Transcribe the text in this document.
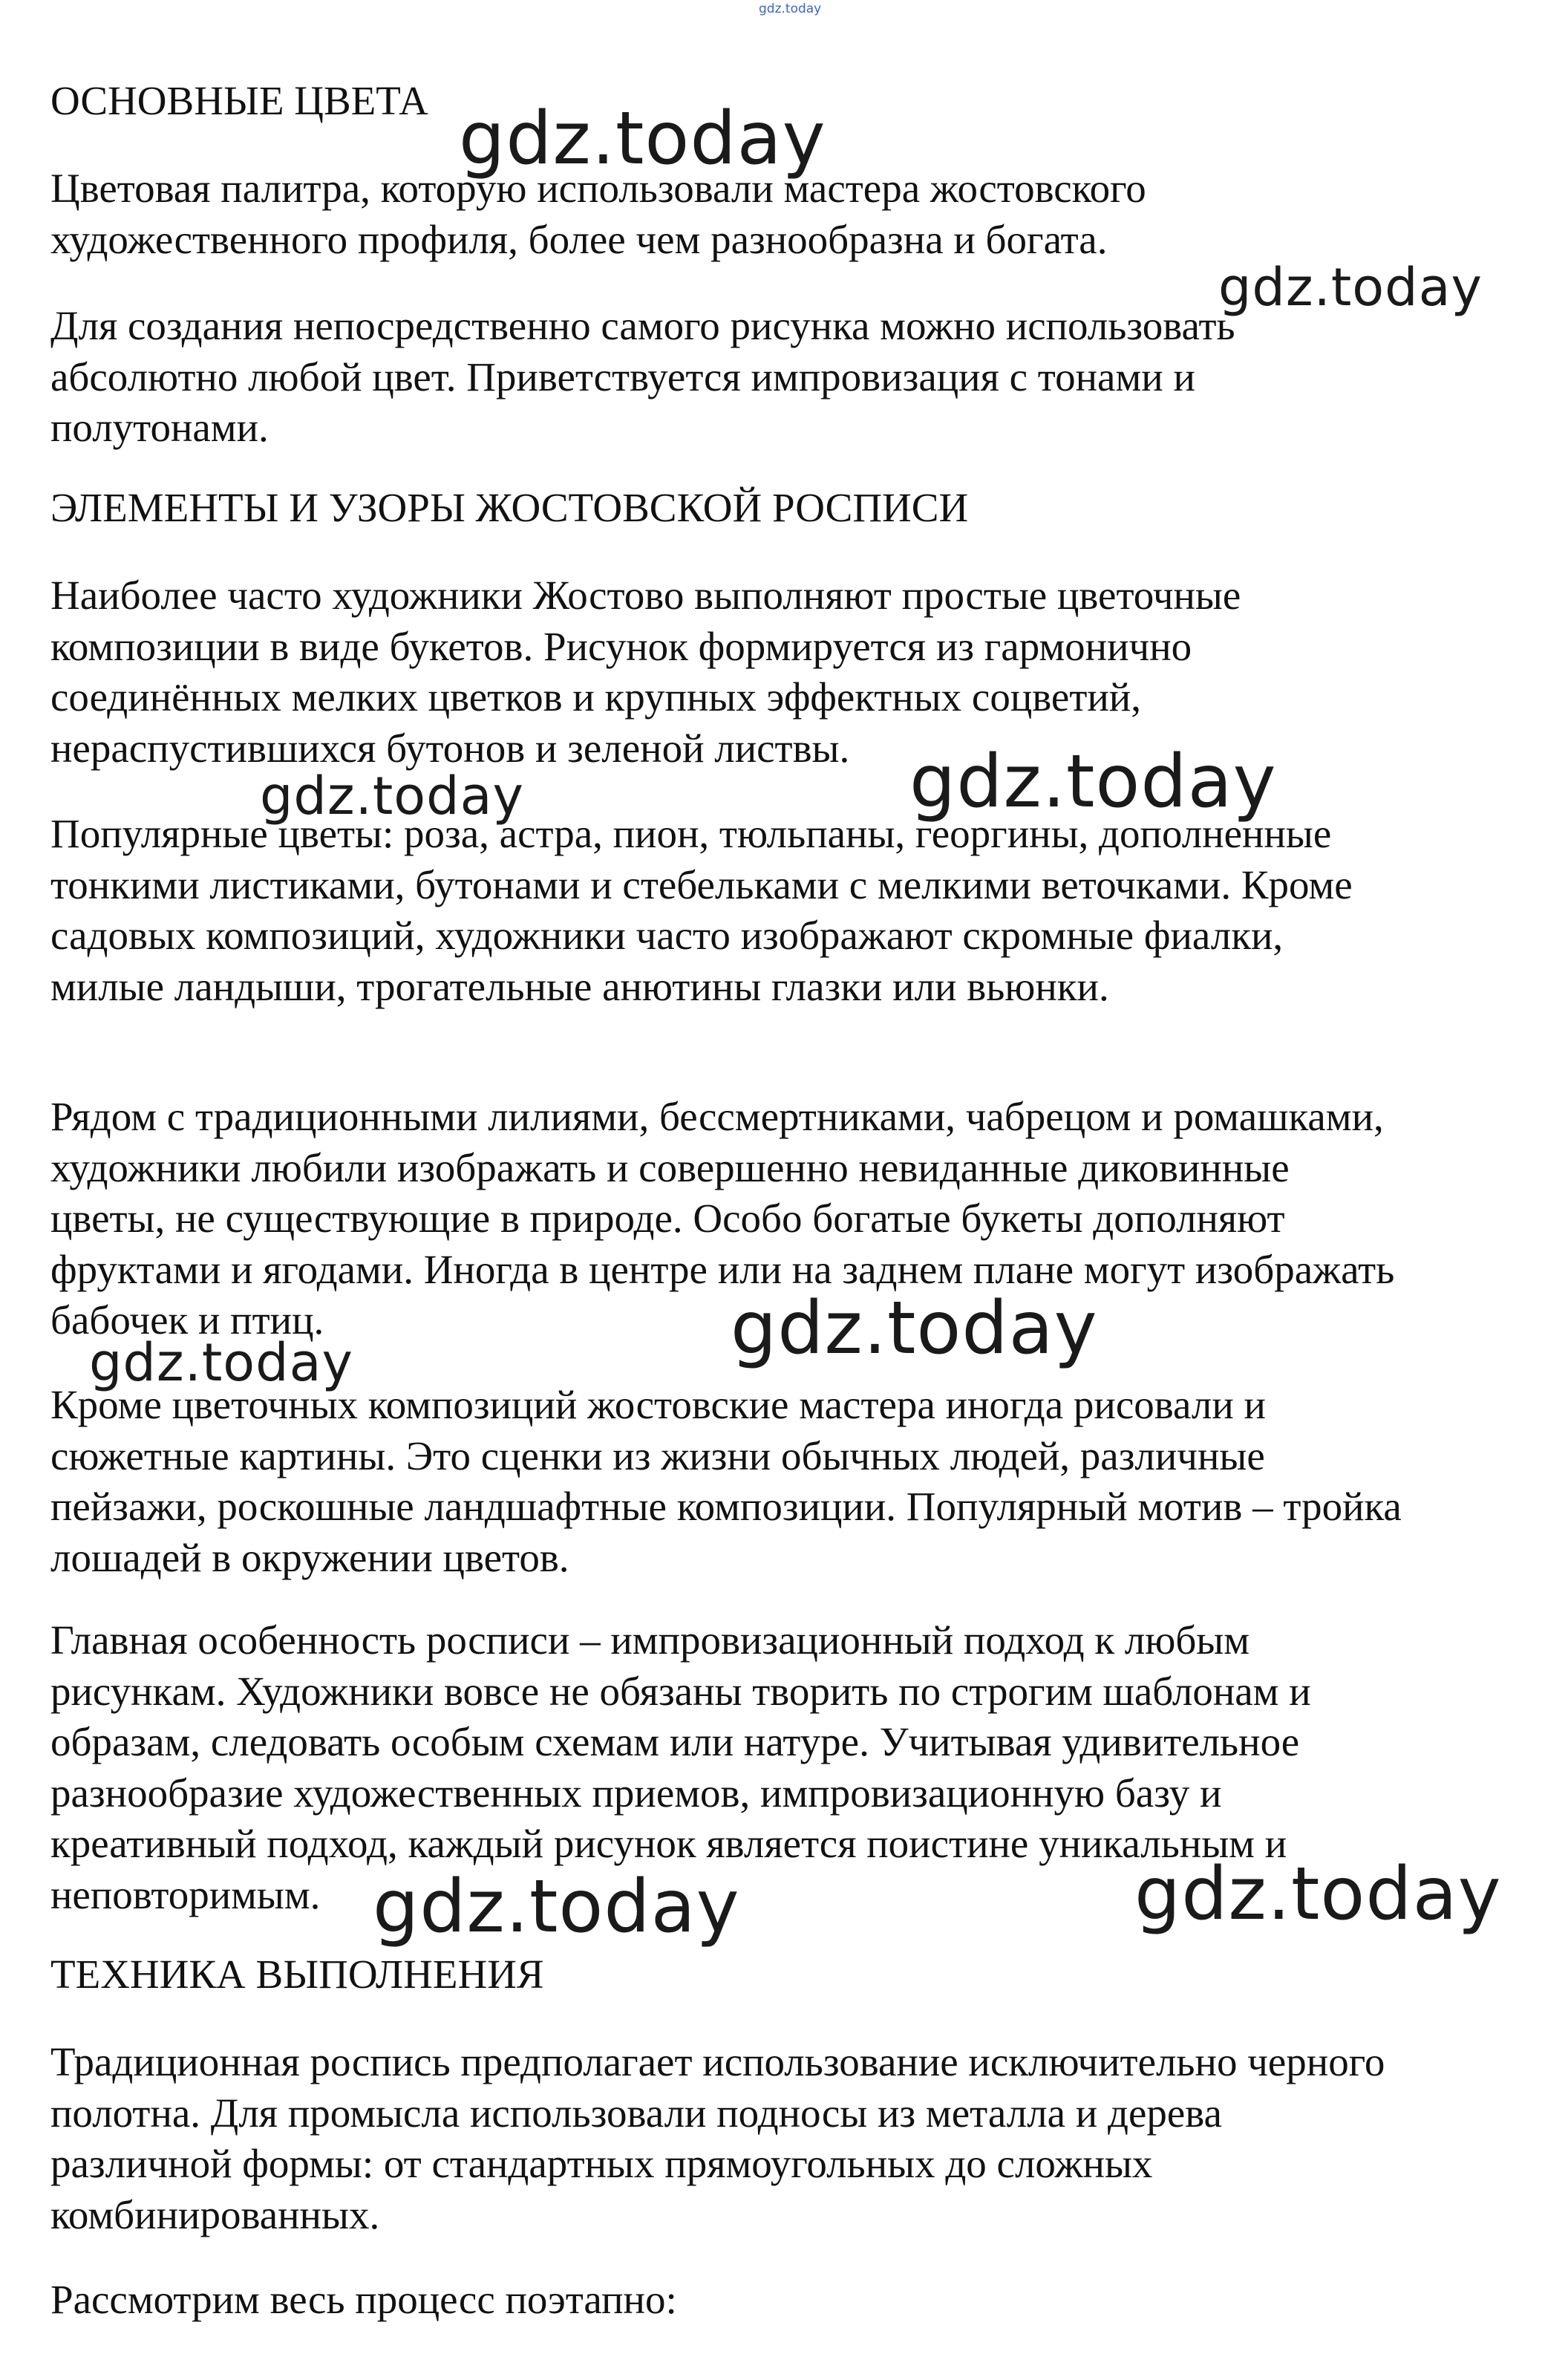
gdz.today
ОСНОВНЫЕ ЦВЕТА
Цветовая палитра, которую использовали мастера жостовского
художественного профиля, более чем разнообразна и богата.
Для создания непосредственно самого рисунка можно использовать
абсолютно любой цвет. Приветствуется импровизация с тонами и
полутонами.
ЭЛЕМЕНТЫ И УЗОРЫ ЖОСТОВСКОЙ РОСПИСИ
Наиболее часто художники Жостово выполняют простые цветочные
композиции в виде букетов. Рисунок формируется из гармонично
соединённых мелких цветков и крупных эффектных соцветий,
нераспустившихся бутонов и зеленой листвы.
Популярные цветы: роза, астра, пион, тюльпаны, георгины, дополненные
тонкими листиками, бутонами и стебельками с мелкими веточками. Кроме
садовых композиций, художники часто изображают скромные фиалки,
милые ландыши, трогательные анютины глазки или вьюнки.
Рядом с традиционными лилиями, бессмертниками, чабрецом и ромашками,
художники любили изображать и совершенно невиданные диковинные
цветы, не существующие в природе. Особо богатые букеты дополняют
фруктами и ягодами. Иногда в центре или на заднем плане могут изображать
бабочек и птиц.
Кроме цветочных композиций жостовские мастера иногда рисовали и
сюжетные картины. Это сценки из жизни обычных людей, различные
пейзажи, роскошные ландшафтные композиции. Популярный мотив – тройка
лошадей в окружении цветов.
Главная особенность росписи – импровизационный подход к любым
рисункам. Художники вовсе не обязаны творить по строгим шаблонам и
образам, следовать особым схемам или натуре. Учитывая удивительное
разнообразие художественных приемов, импровизационную базу и
креативный подход, каждый рисунок является поистине уникальным и
неповторимым.
ТЕХНИКА ВЫПОЛНЕНИЯ
Традиционная роспись предполагает использование исключительно черного
полотна. Для промысла использовали подносы из металла и дерева
различной формы: от стандартных прямоугольных до сложных
комбинированных.
Рассмотрим весь процесс поэтапно:
gdz.today
gdz.today
gdz.today	gdz.today
gdz.today
gdz.today
gdz.today	gdz.today
